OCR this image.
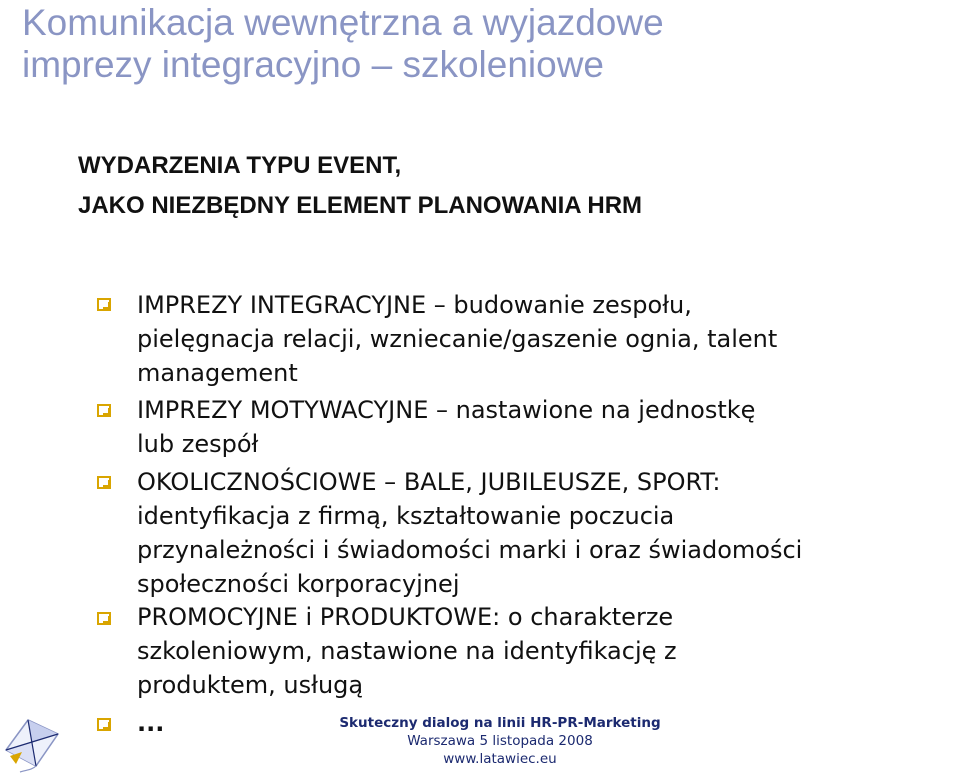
Komunikacja wewnętrzna a wyjazdowe
imprezy integracyjno – szkoleniowe
WYDARZENIA TYPU EVENT,
JAKO NIEZBĘDNY ELEMENT PLANOWANIA HRM
IMPREZY INTEGRACYJNE – budowanie zespołu,
pielęgnacja relacji, wzniecanie/gaszenie ognia, talent
management
IMPREZY MOTYWACYJNE – nastawione na jednostkę
lub zespół
OKOLICZNOŚCIOWE – BALE, JUBILEUSZE, SPORT:
identyfikacja z firmą, kształtowanie poczucia
przynależności i świadomości marki i oraz świadomości
społeczności korporacyjnej
PROMOCYJNE i PRODUKTOWE: o charakterze
szkoleniowym, nastawione na identyfikację z
produktem, usługą
...	Skuteczny dialog na linii HR-PR-Marketing
Warszawa 5 listopada 2008
www.latawiec.eu
